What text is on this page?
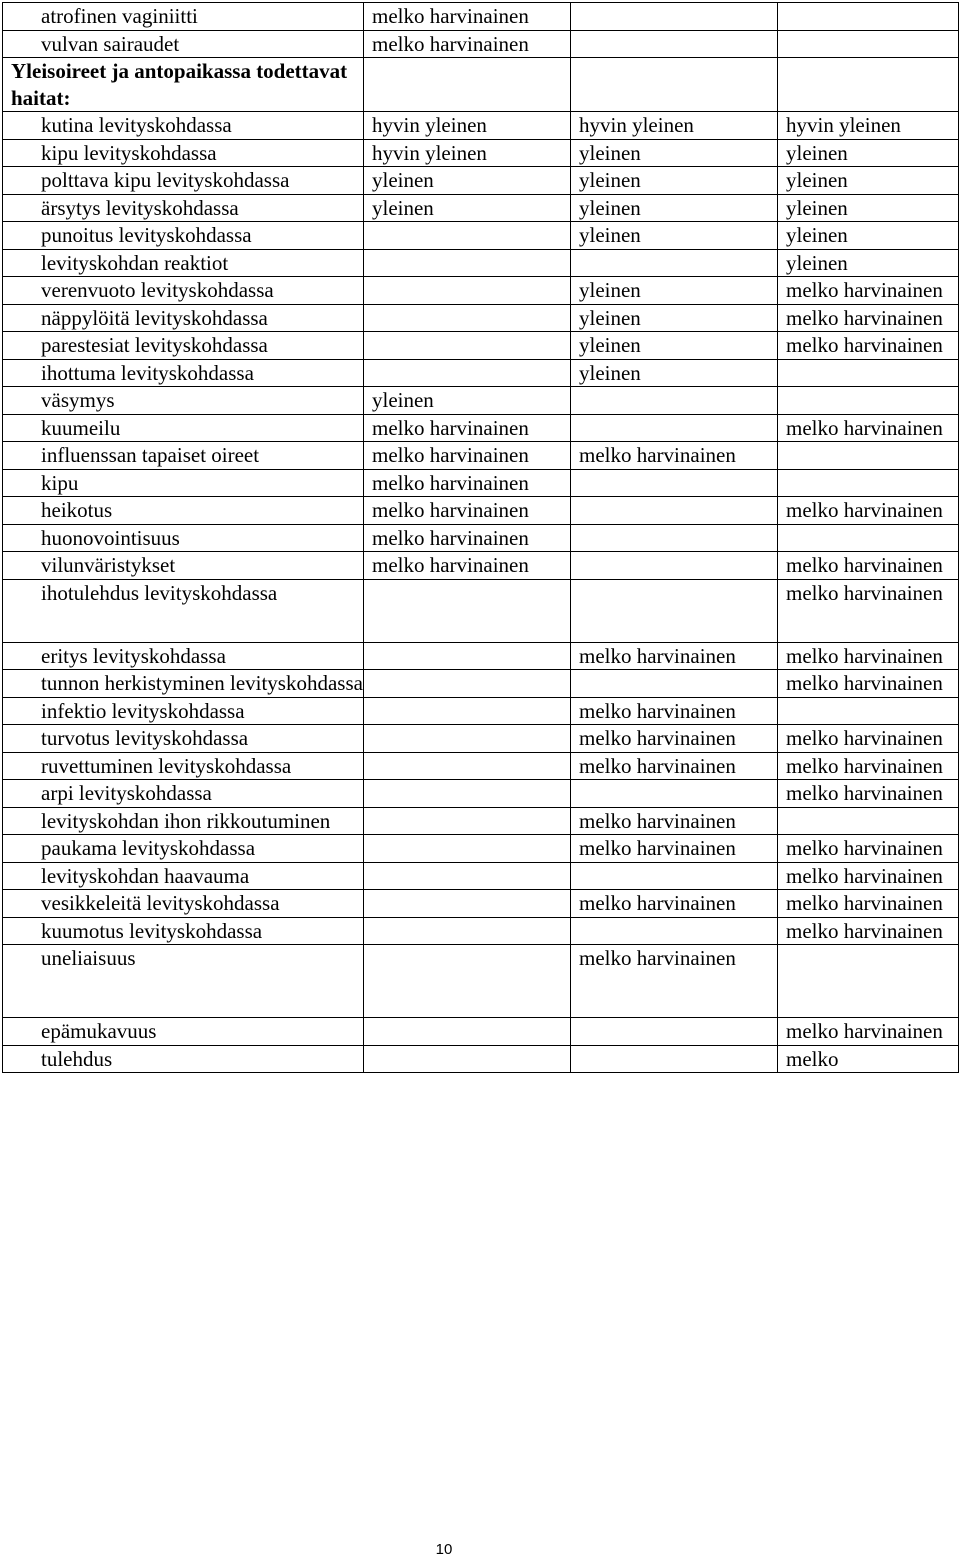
atrofinen vaginiitti	melko harvinainen		
vulvan sairaudet	melko harvinainen		
Yleisoireet ja antopaikassa todettavat haitat:			
kutina levityskohdassa	hyvin yleinen	hyvin yleinen	hyvin yleinen
kipu levityskohdassa	hyvin yleinen	yleinen	yleinen
polttava kipu levityskohdassa	yleinen	yleinen	yleinen
ärsytys levityskohdassa	yleinen	yleinen	yleinen
punoitus levityskohdassa		yleinen	yleinen
levityskohdan reaktiot			yleinen
verenvuoto levityskohdassa		yleinen	melko harvinainen
näppylöitä levityskohdassa		yleinen	melko harvinainen
parestesiat levityskohdassa		yleinen	melko harvinainen
ihottuma levityskohdassa		yleinen	
väsymys	yleinen		
kuumeilu	melko harvinainen		melko harvinainen
influenssan tapaiset oireet	melko harvinainen	melko harvinainen	
kipu	melko harvinainen		
heikotus	melko harvinainen		melko harvinainen
huonovointisuus	melko harvinainen		
vilunväristykset	melko harvinainen		melko harvinainen
ihotulehdus levityskohdassa			melko harvinainen
eritys levityskohdassa		melko harvinainen	melko harvinainen
tunnon herkistyminen levityskohdassa			melko harvinainen
infektio levityskohdassa		melko harvinainen	
turvotus levityskohdassa		melko harvinainen	melko harvinainen
ruvettuminen levityskohdassa		melko harvinainen	melko harvinainen
arpi levityskohdassa			melko harvinainen
levityskohdan ihon rikkoutuminen		melko harvinainen	
paukama levityskohdassa		melko harvinainen	melko harvinainen
levityskohdan haavauma			melko harvinainen
vesikkeleitä levityskohdassa		melko harvinainen	melko harvinainen
kuumotus levityskohdassa			melko harvinainen
uneliaisuus		melko harvinainen	
epämukavuus			melko harvinainen
tulehdus			melko
10
